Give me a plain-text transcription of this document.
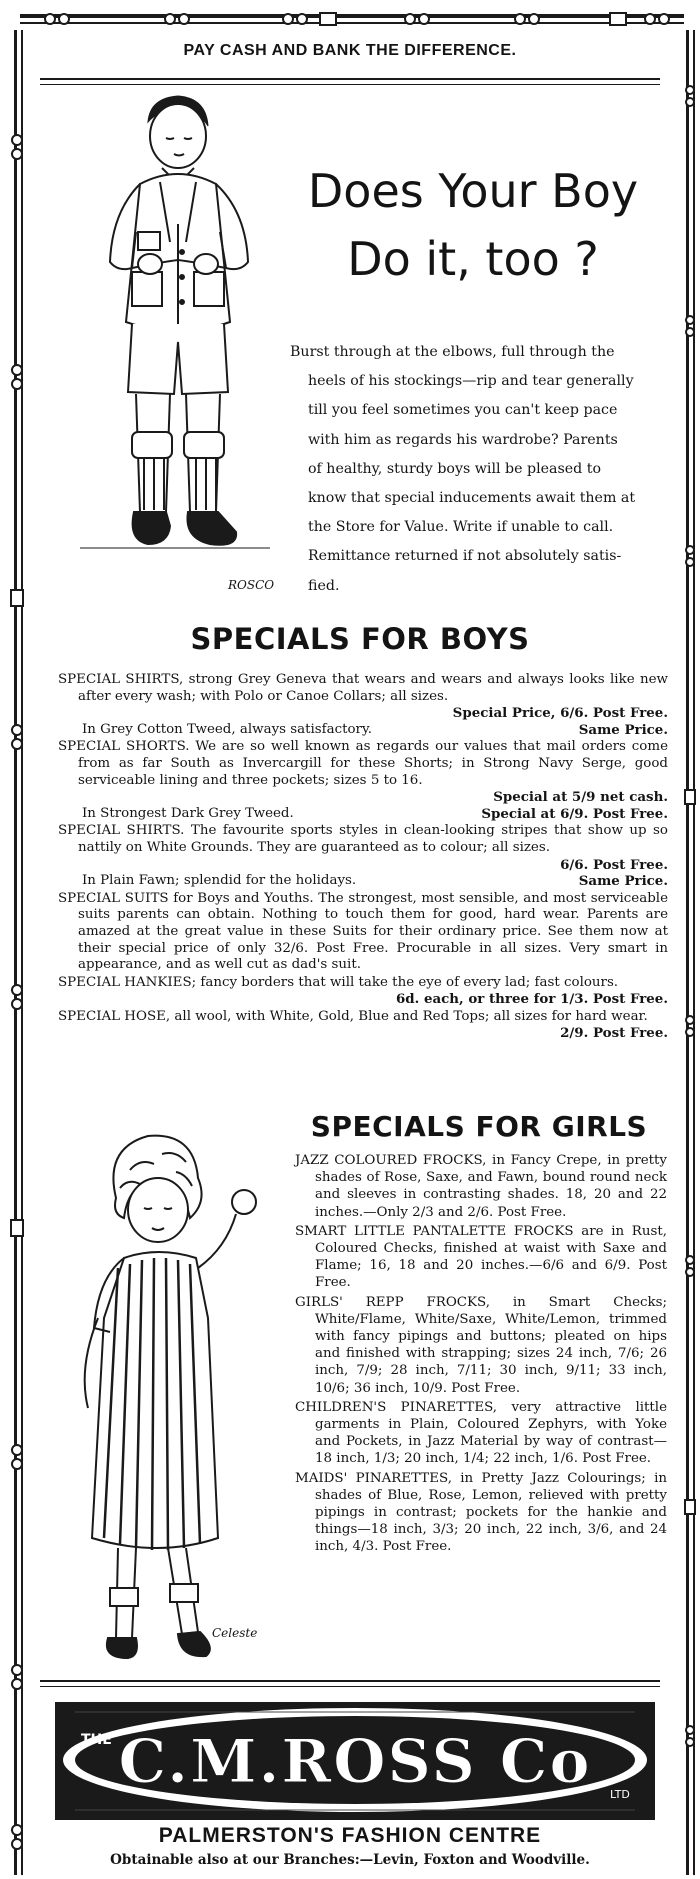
PAY CASH AND BANK THE DIFFERENCE.
ROSCO
Does Your Boy
Do it, too ?
Burst through at the elbows, full through the
heels of his stockings—rip and tear generally
till you feel sometimes you can't keep pace
with him as regards his wardrobe? Parents
of healthy, sturdy boys will be pleased to
know that special inducements await them at
the Store for Value. Write if unable to call.
Remittance returned if not absolutely satis-
fied.
SPECIALS FOR BOYS
SPECIAL SHIRTS, strong Grey Geneva that wears and wears and always looks like new after every wash; with Polo or Canoe Collars; all sizes.
Special Price, 6/6. Post Free.
In Grey Cotton Tweed, always satisfactory.	Same Price.
SPECIAL SHORTS. We are so well known as regards our values that mail orders come from as far South as Invercargill for these Shorts; in Strong Navy Serge, good serviceable lining and three pockets; sizes 5 to 16.
Special at 5/9 net cash.
In Strongest Dark Grey Tweed.	Special at 6/9. Post Free.
SPECIAL SHIRTS. The favourite sports styles in clean-looking stripes that show up so nattily on White Grounds. They are guaranteed as to colour; all sizes.
6/6. Post Free.
In Plain Fawn; splendid for the holidays.	Same Price.
SPECIAL SUITS for Boys and Youths. The strongest, most sensible, and most serviceable suits parents can obtain. Nothing to touch them for good, hard wear. Parents are amazed at the great value in these Suits for their ordinary price. See them now at their special price of only 32/6. Post Free. Procurable in all sizes. Very smart in appearance, and as well cut as dad's suit.
SPECIAL HANKIES; fancy borders that will take the eye of every lad; fast colours.
6d. each, or three for 1/3. Post Free.
SPECIAL HOSE, all wool, with White, Gold, Blue and Red Tops; all sizes for hard wear.
2/9. Post Free.
SPECIALS FOR GIRLS
Celeste
JAZZ COLOURED FROCKS, in Fancy Crepe, in pretty shades of Rose, Saxe, and Fawn, bound round neck and sleeves in contrasting shades. 18, 20 and 22 inches.—Only 2/3 and 2/6. Post Free.
SMART LITTLE PANTALETTE FROCKS are in Rust, Coloured Checks, finished at waist with Saxe and Flame; 16, 18 and 20 inches.—6/6 and 6/9. Post Free.
GIRLS' REPP FROCKS, in Smart Checks; White/Flame, White/Saxe, White/Lemon, trimmed with fancy pipings and buttons; pleated on hips and finished with strapping; sizes 24 inch, 7/6; 26 inch, 7/9; 28 inch, 7/11; 30 inch, 9/11; 33 inch, 10/6; 36 inch, 10/9. Post Free.
CHILDREN'S PINARETTES, very attractive little garments in Plain, Coloured Zephyrs, with Yoke and Pockets, in Jazz Material by way of contrast—18 inch, 1/3; 20 inch, 1/4; 22 inch, 1/6. Post Free.
MAIDS' PINARETTES, in Pretty Jazz Colourings; in shades of Blue, Rose, Lemon, relieved with pretty pipings in contrast; pockets for the hankie and things—18 inch, 3/3; 20 inch, 22 inch, 3/6, and 24 inch, 4/3. Post Free.
THE C.M.ROSS Co LTD
PALMERSTON'S FASHION CENTRE
Obtainable also at our Branches:—Levin, Foxton and Woodville.
